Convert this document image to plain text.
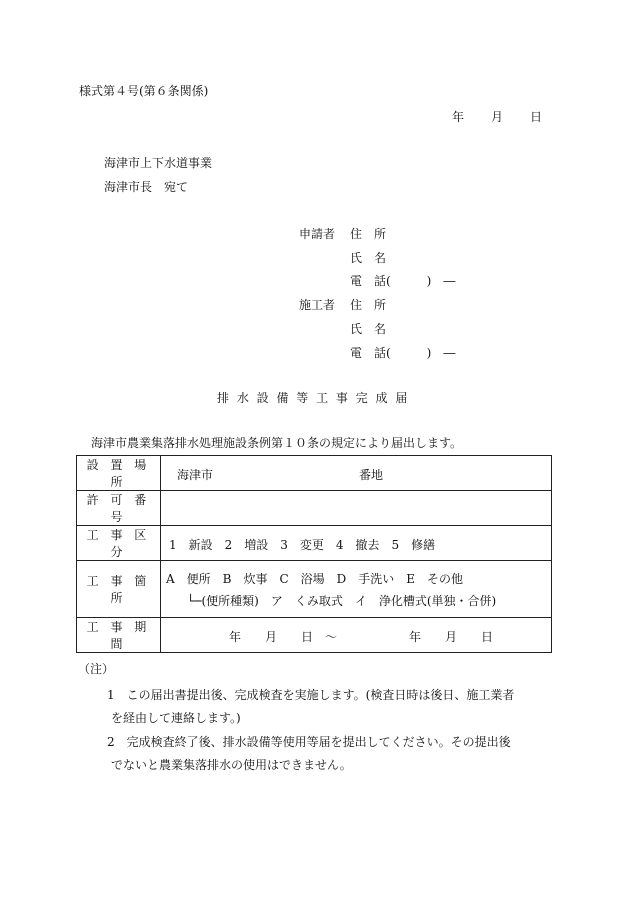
様式第４号(第６条関係)
年 月 日
海津市上下水道事業
海津市長　宛て
申請者 住　所
氏　名
電　話(　　　)　―
施工者 住　所
氏　名
電　話(　　　)　―
排 水 設 備 等 工 事 完 成 届
海津市農業集落排水処理施設条例第１０条の規定により届出します。
設 置 場 所	海津市 番地

許 可 番 号	
工 事 区 分	1　新設　2　増設　3　変更　4　撤去　5　修繕

工 事 箇 所	A　便所　B　炊事　C　浴場　D　手洗い　E　その他
└─(便所種類)　ア　くみ取式　イ　浄化槽式(単独・合併)

工 事 期 間	年　　月　　日　～ 年　　月　　日
（注）
1　この届出書提出後、完成検査を実施します。(検査日時は後日、施工業者
を経由して連絡します。)
2　完成検査終了後、排水設備等使用等届を提出してください。その提出後
でないと農業集落排水の使用はできません。
